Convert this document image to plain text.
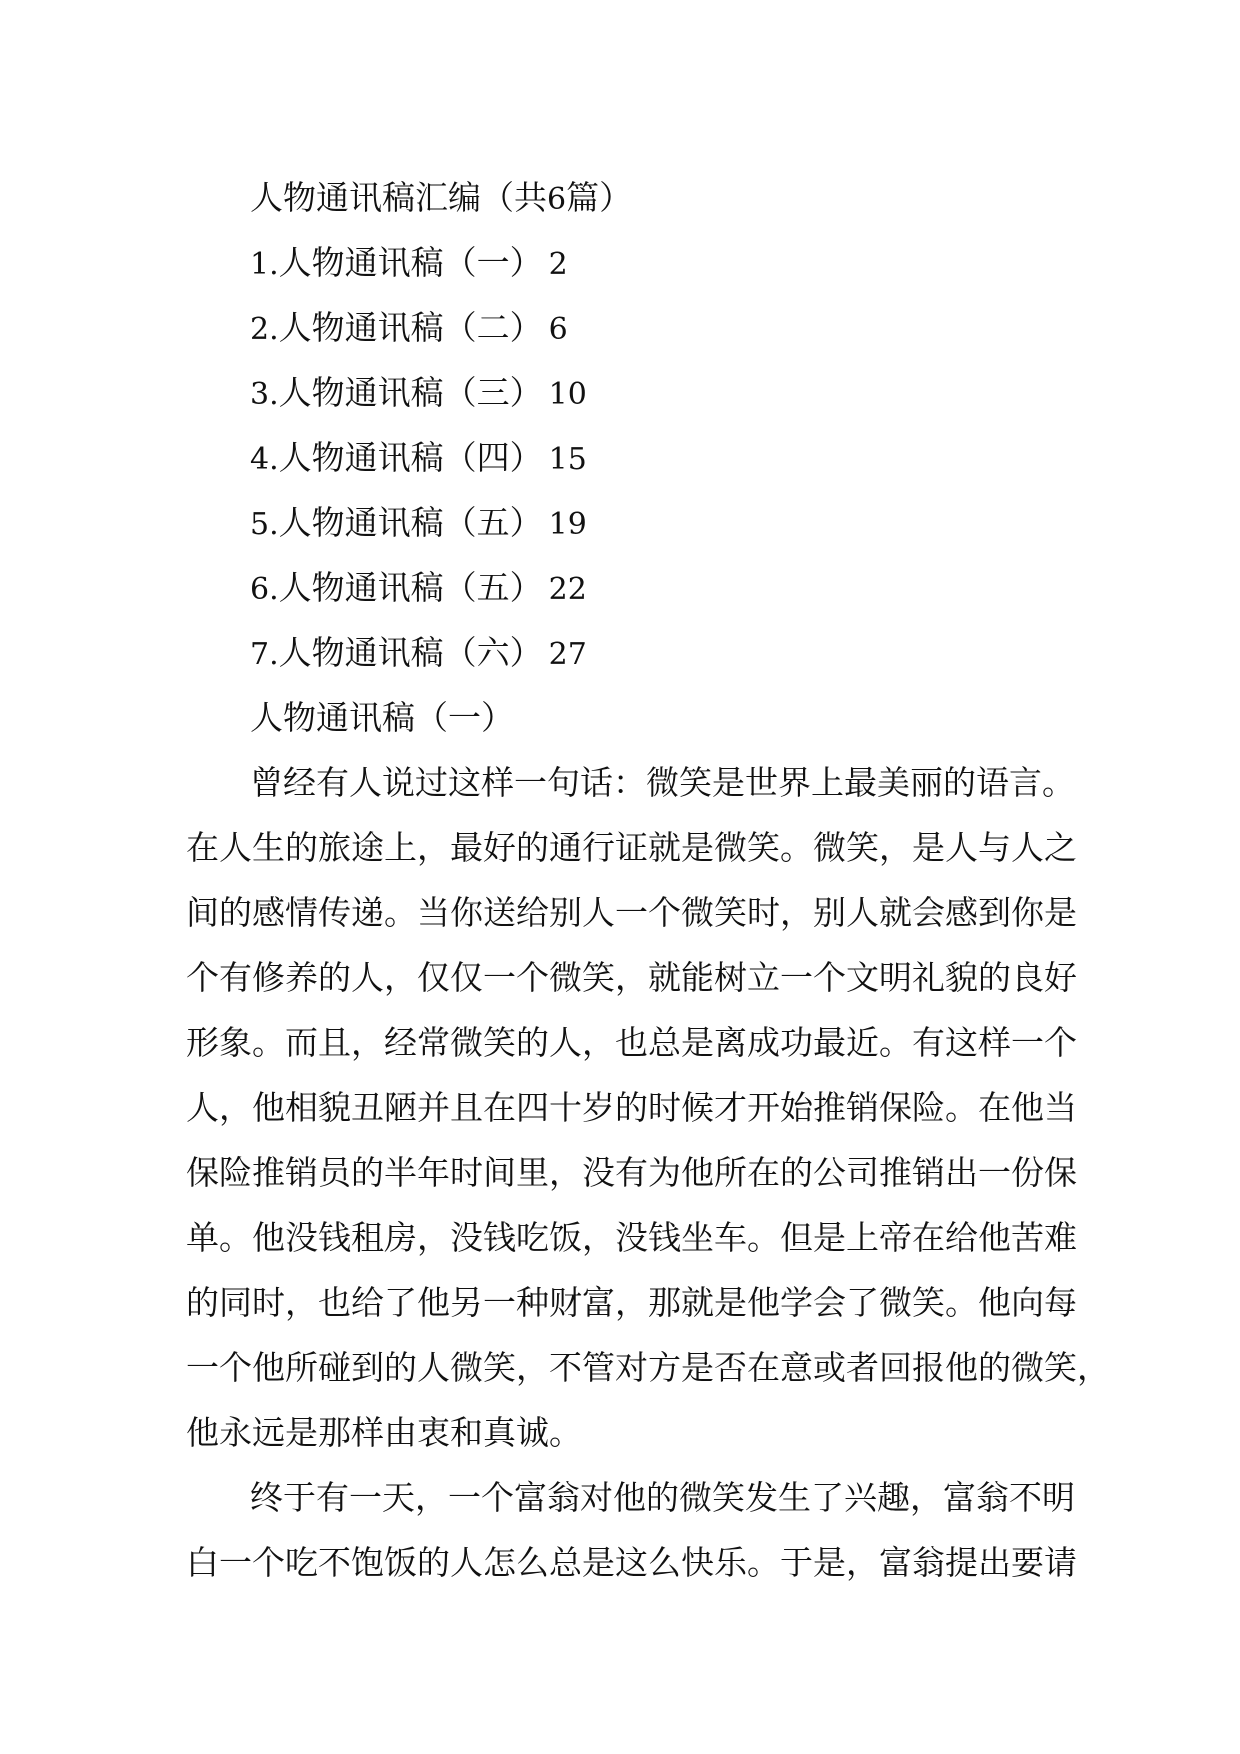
人物通讯稿汇编（共6篇）
1.人物通讯稿（一） 2
2.人物通讯稿（二） 6
3.人物通讯稿（三） 10
4.人物通讯稿（四） 15
5.人物通讯稿（五） 19
6.人物通讯稿（五） 22
7.人物通讯稿（六） 27
人物通讯稿（一）
曾经有人说过这样一句话：微笑是世界上最美丽的语言。
在人生的旅途上，最好的通行证就是微笑。微笑，是人与人之
间的感情传递。当你送给别人一个微笑时，别人就会感到你是
个有修养的人，仅仅一个微笑，就能树立一个文明礼貌的良好
形象。而且，经常微笑的人，也总是离成功最近。有这样一个
人，他相貌丑陋并且在四十岁的时候才开始推销保险。在他当
保险推销员的半年时间里，没有为他所在的公司推销出一份保
单。他没钱租房，没钱吃饭，没钱坐车。但是上帝在给他苦难
的同时，也给了他另一种财富，那就是他学会了微笑。他向每
一个他所碰到的人微笑，不管对方是否在意或者回报他的微笑，
他永远是那样由衷和真诚。
终于有一天，一个富翁对他的微笑发生了兴趣，富翁不明
白一个吃不饱饭的人怎么总是这么快乐。于是，富翁提出要请
